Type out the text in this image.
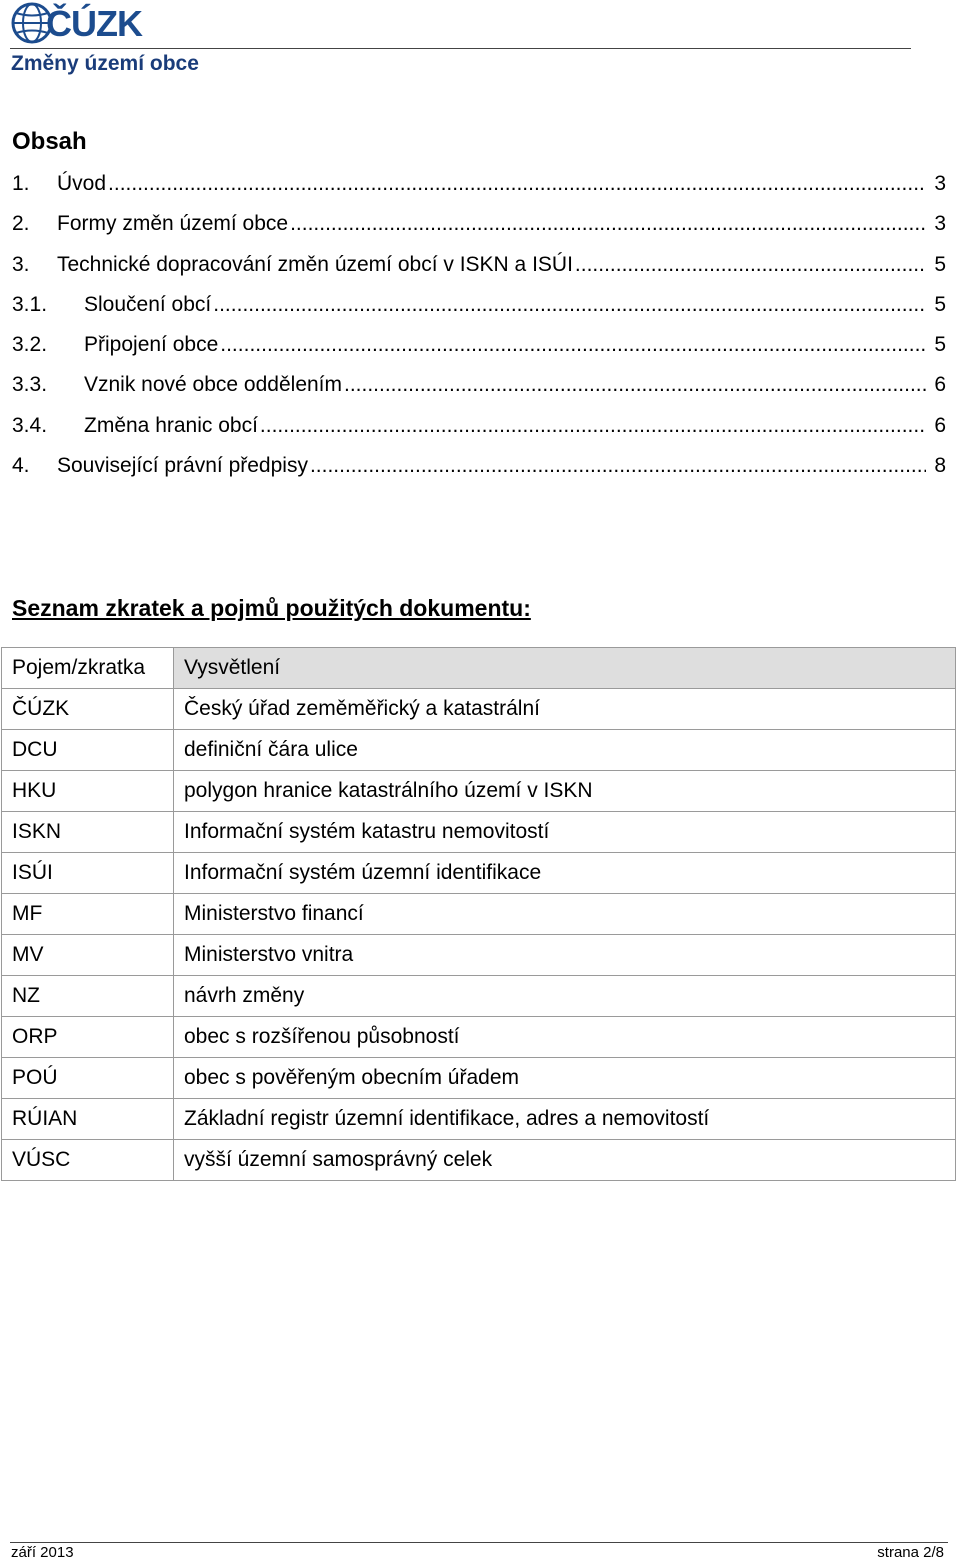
ČÚZK
Změny území obce
Obsah
1.	Úvod .....	3
2.	Formy změn území obce .....	3
3.	Technické dopracování změn území obcí v ISKN a ISÚI .....	5
3.1.	Sloučení obcí .....	5
3.2.	Připojení obce .....	5
3.3.	Vznik nové obce oddělením .....	6
3.4.	Změna hranic obcí .....	6
4.	Související právní předpisy .....	8
Seznam zkratek a pojmů použitých dokumentu:
Pojem/zkratka	Vysvětlení
ČÚZK	Český úřad zeměměřický a katastrální
DCU	definiční čára ulice
HKU	polygon hranice katastrálního území v ISKN
ISKN	Informační systém katastru nemovitostí
ISÚI	Informační systém územní identifikace
MF	Ministerstvo financí
MV	Ministerstvo vnitra
NZ	návrh změny
ORP	obec s rozšířenou působností
POÚ	obec s pověřeným obecním úřadem
RÚIAN	Základní registr územní identifikace, adres a nemovitostí
VÚSC	vyšší územní samosprávný celek
září 2013	strana 2/8
